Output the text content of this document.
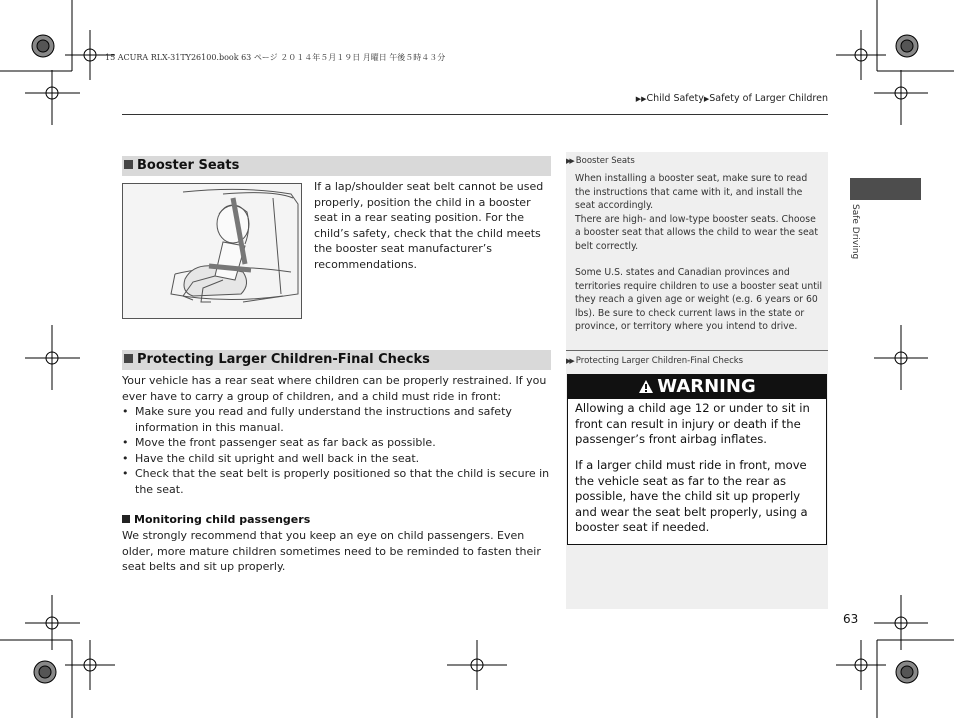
15 ACURA RLX-31TY26100.book 63 ページ ２０１４年５月１９日 月曜日 午後５時４３分
▶▶Child Safety▶Safety of Larger Children
Safe Driving
Booster Seats
If a lap/shoulder seat belt cannot be used properly, position the child in a booster seat in a rear seating position. For the child’s safety, check that the child meets the booster seat manufacturer’s recommendations.
Protecting Larger Children-Final Checks
Your vehicle has a rear seat where children can be properly restrained. If you ever have to carry a group of children, and a child must ride in front:
• Make sure you read and fully understand the instructions and safety information in this manual.
• Move the front passenger seat as far back as possible.
• Have the child sit upright and well back in the seat.
• Check that the seat belt is properly positioned so that the child is secure in the seat.
Monitoring child passengers
We strongly recommend that you keep an eye on child passengers. Even older, more mature children sometimes need to be reminded to fasten their seat belts and sit up properly.
▶▶ Booster Seats
When installing a booster seat, make sure to read the instructions that came with it, and install the seat accordingly.
There are high- and low-type booster seats. Choose a booster seat that allows the child to wear the seat belt correctly.
Some U.S. states and Canadian provinces and territories require children to use a booster seat until they reach a given age or weight (e.g. 6 years or 60 lbs). Be sure to check current laws in the state or province, or territory where you intend to drive.
▶▶ Protecting Larger Children-Final Checks
WARNING
Allowing a child age 12 or under to sit in front can result in injury or death if the passenger’s front airbag inflates.
If a larger child must ride in front, move the vehicle seat as far to the rear as possible, have the child sit up properly and wear the seat belt properly, using a booster seat if needed.
63
